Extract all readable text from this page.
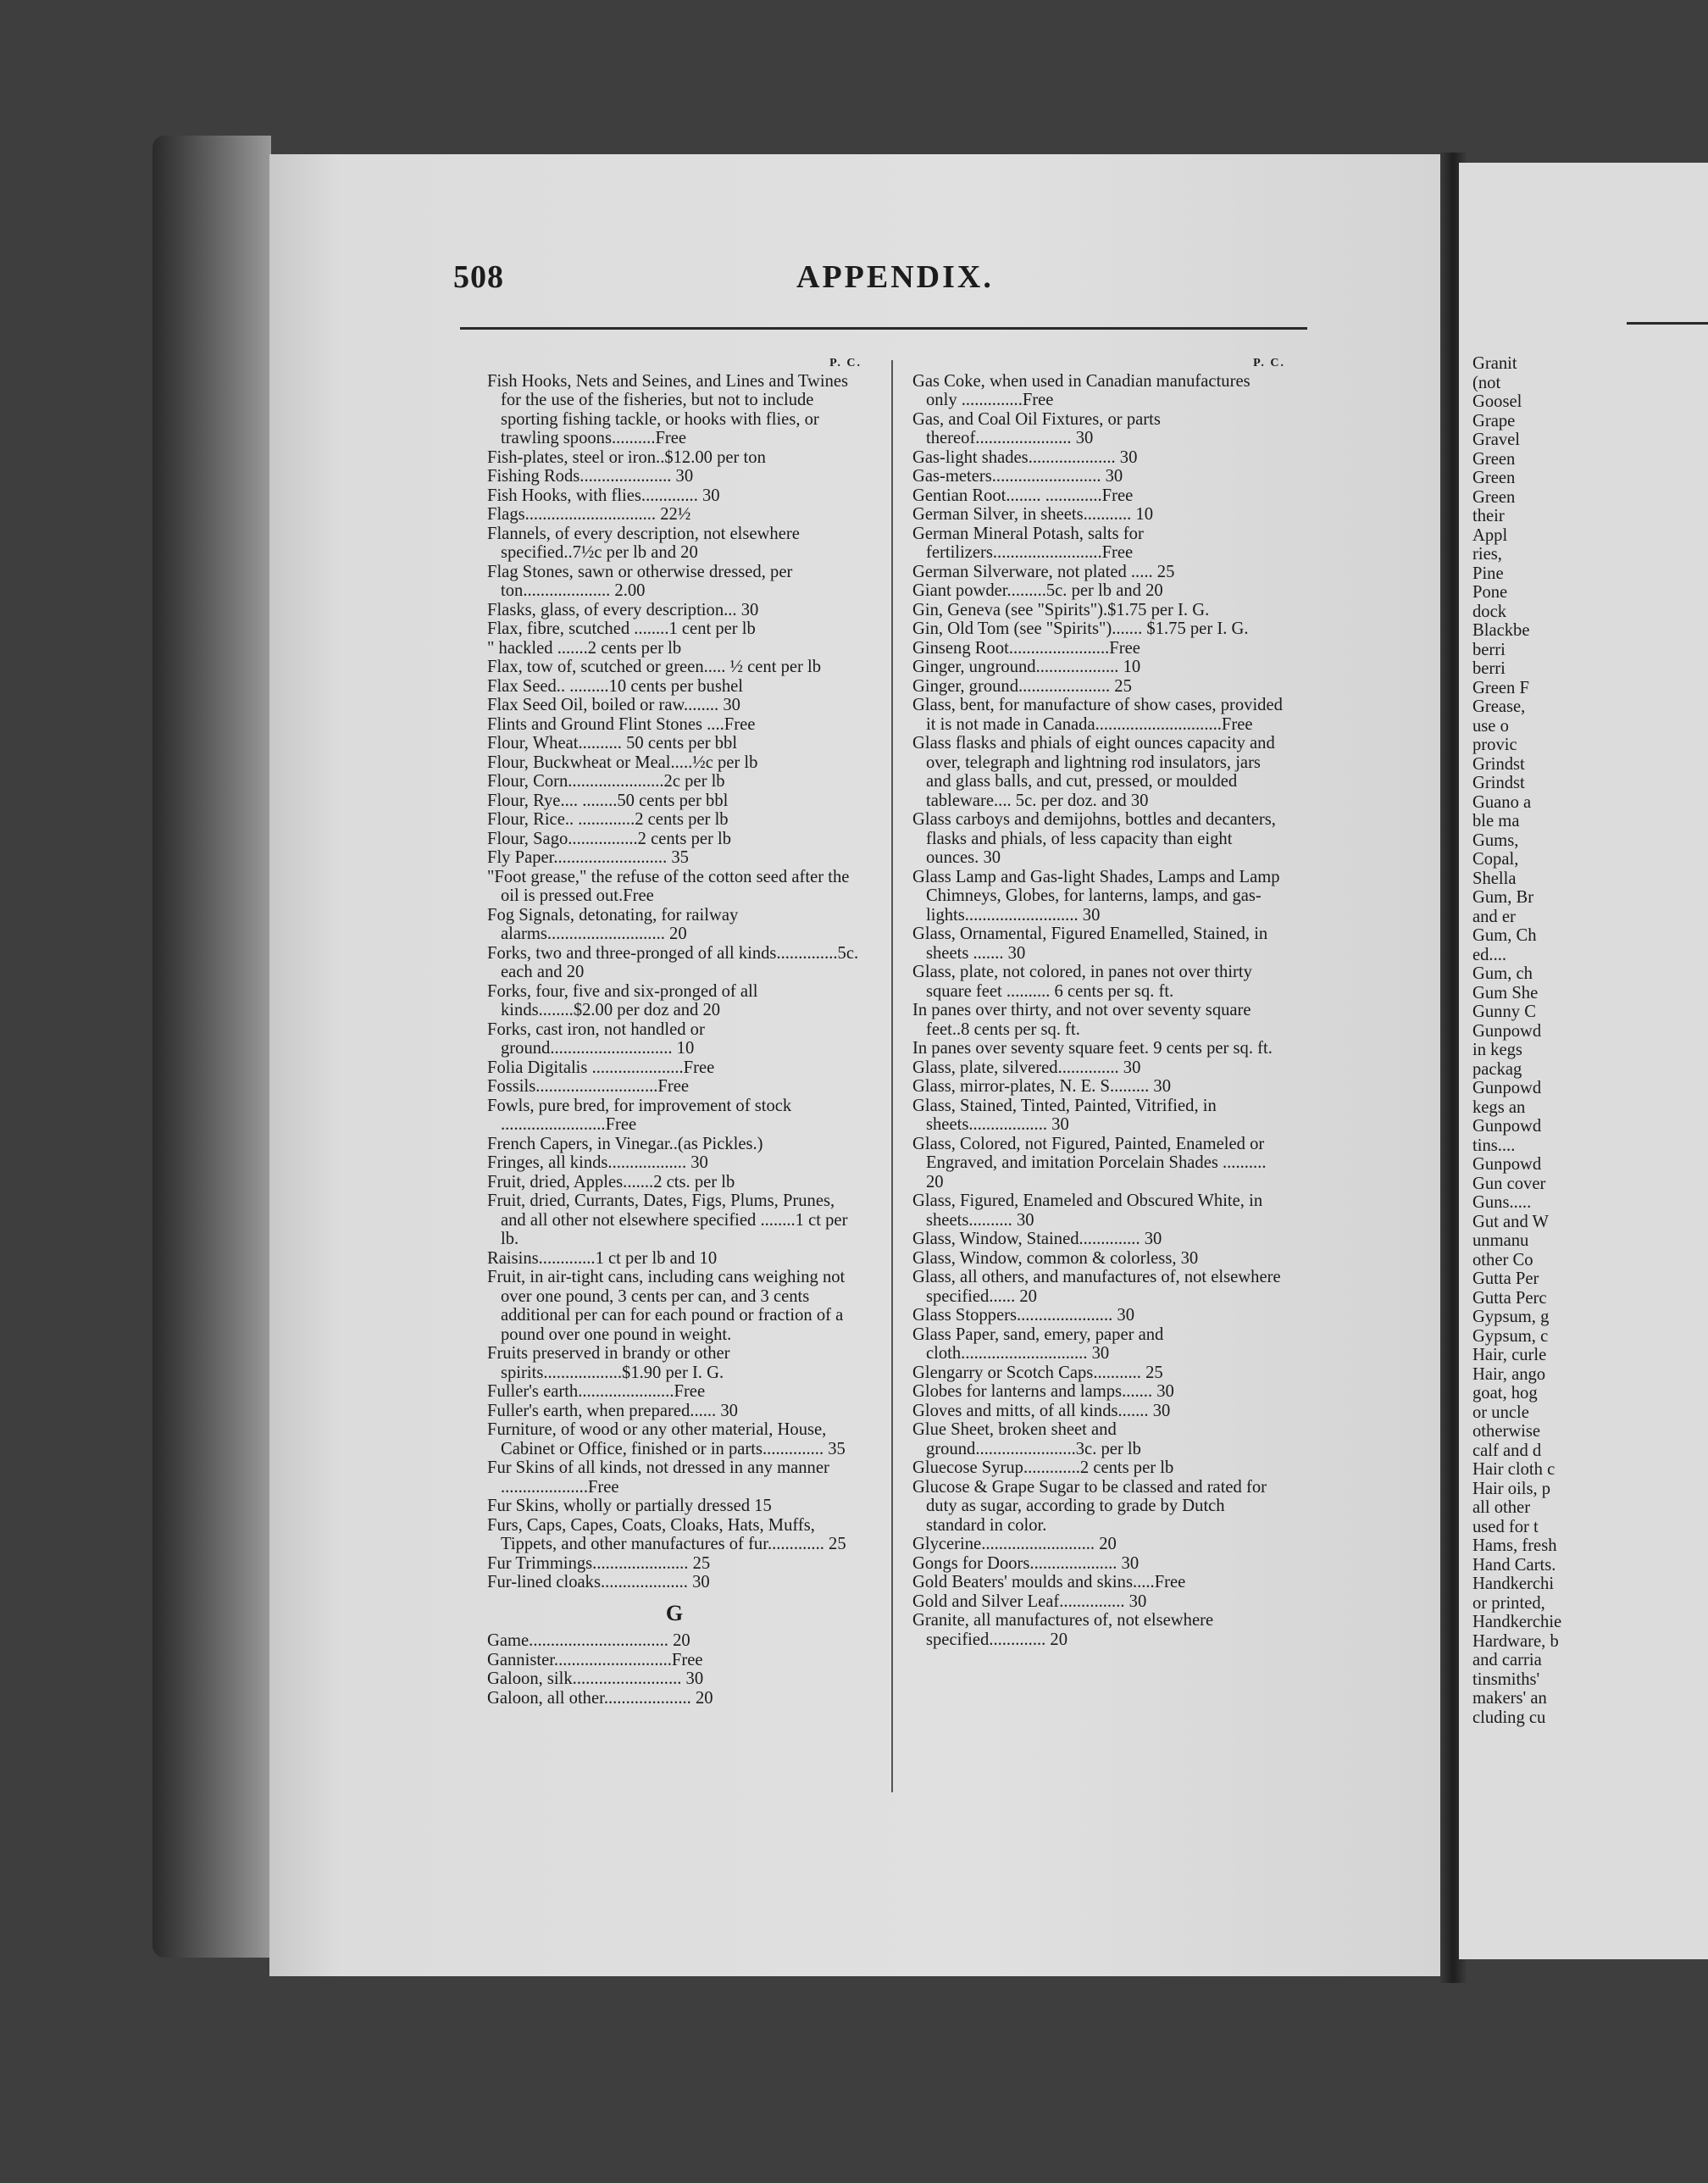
508	APPENDIX.
P. C.

Fish Hooks, Nets and Seines, and Lines and Twines for the use of the fisheries, but not to include sporting fishing tackle, or hooks with flies, or trawling spoons..........Free

Fish-plates, steel or iron..$12.00 per ton

Fishing Rods..................... 30

Fish Hooks, with flies............. 30

Flags.............................. 22½

Flannels, of every description, not elsewhere specified..7½c per lb and 20

Flag Stones, sawn or otherwise dressed, per ton.................... 2.00

Flasks, glass, of every description... 30

Flax, fibre, scutched ........1 cent per lb

" hackled .......2 cents per lb

Flax, tow of, scutched or green..... ½ cent per lb

Flax Seed.. .........10 cents per bushel

Flax Seed Oil, boiled or raw........ 30

Flints and Ground Flint Stones ....Free

Flour, Wheat.......... 50 cents per bbl

Flour, Buckwheat or Meal.....½c per lb

Flour, Corn......................2c per lb

Flour, Rye.... ........50 cents per bbl

Flour, Rice.. .............2 cents per lb

Flour, Sago................2 cents per lb

Fly Paper.......................... 35

"Foot grease," the refuse of the cotton seed after the oil is pressed out.Free

Fog Signals, detonating, for railway alarms........................... 20

Forks, two and three-pronged of all kinds..............5c. each and 20

Forks, four, five and six-pronged of all kinds........$2.00 per doz and 20

Forks, cast iron, not handled or ground............................ 10

Folia Digitalis .....................Free

Fossils............................Free

Fowls, pure bred, for improvement of stock ........................Free

French Capers, in Vinegar..(as Pickles.)

Fringes, all kinds.................. 30

Fruit, dried, Apples.......2 cts. per lb

Fruit, dried, Currants, Dates, Figs, Plums, Prunes, and all other not elsewhere specified ........1 ct per lb.

Raisins.............1 ct per lb and 10

Fruit, in air-tight cans, including cans weighing not over one pound, 3 cents per can, and 3 cents additional per can for each pound or fraction of a pound over one pound in weight.

Fruits preserved in brandy or other spirits..................$1.90 per I. G.

Fuller's earth......................Free

Fuller's earth, when prepared...... 30

Furniture, of wood or any other material, House, Cabinet or Office, finished or in parts.............. 35

Fur Skins of all kinds, not dressed in any manner ....................Free

Fur Skins, wholly or partially dressed 15

Furs, Caps, Capes, Coats, Cloaks, Hats, Muffs, Tippets, and other manufactures of fur............. 25

Fur Trimmings...................... 25

Fur-lined cloaks.................... 30

G

Game................................ 20

Gannister...........................Free

Galoon, silk......................... 30

Galoon, all other.................... 20

P. C.

Gas Coke, when used in Canadian manufactures only ..............Free

Gas, and Coal Oil Fixtures, or parts thereof...................... 30

Gas-light shades.................... 30

Gas-meters......................... 30

Gentian Root........ .............Free

German Silver, in sheets........... 10

German Mineral Potash, salts for fertilizers.........................Free

German Silverware, not plated ..... 25

Giant powder.........5c. per lb and 20

Gin, Geneva (see "Spirits").$1.75 per I. G.

Gin, Old Tom (see "Spirits")....... $1.75 per I. G.

Ginseng Root.......................Free

Ginger, unground................... 10

Ginger, ground..................... 25

Glass, bent, for manufacture of show cases, provided it is not made in Canada.............................Free

Glass flasks and phials of eight ounces capacity and over, telegraph and lightning rod insulators, jars and glass balls, and cut, pressed, or moulded tableware.... 5c. per doz. and 30

Glass carboys and demijohns, bottles and decanters, flasks and phials, of less capacity than eight ounces. 30

Glass Lamp and Gas-light Shades, Lamps and Lamp Chimneys, Globes, for lanterns, lamps, and gas-lights.......................... 30

Glass, Ornamental, Figured Enamelled, Stained, in sheets ....... 30

Glass, plate, not colored, in panes not over thirty square feet .......... 6 cents per sq. ft.

In panes over thirty, and not over seventy square feet..8 cents per sq. ft.

In panes over seventy square feet. 9 cents per sq. ft.

Glass, plate, silvered.............. 30

Glass, mirror-plates, N. E. S......... 30

Glass, Stained, Tinted, Painted, Vitrified, in sheets.................. 30

Glass, Colored, not Figured, Painted, Enameled or Engraved, and imitation Porcelain Shades .......... 20

Glass, Figured, Enameled and Obscured White, in sheets.......... 30

Glass, Window, Stained.............. 30

Glass, Window, common & colorless, 30

Glass, all others, and manufactures of, not elsewhere specified...... 20

Glass Stoppers...................... 30

Glass Paper, sand, emery, paper and cloth............................. 30

Glengarry or Scotch Caps........... 25

Globes for lanterns and lamps....... 30

Gloves and mitts, of all kinds....... 30

Glue Sheet, broken sheet and ground.......................3c. per lb

Gluecose Syrup.............2 cents per lb

Glucose & Grape Sugar to be classed and rated for duty as sugar, according to grade by Dutch standard in color.

Glycerine.......................... 20

Gongs for Doors.................... 30

Gold Beaters' moulds and skins.....Free

Gold and Silver Leaf............... 30

Granite, all manufactures of, not elsewhere specified............. 20

Granit

(not

Goosel

Grape

Gravel

Green

Green

Green

their

Appl

ries,

Pine

Pone

dock

Blackbe

berri

berri

Green F

Grease,

use o

provic

Grindst

Grindst

Guano a

ble ma

Gums,

Copal,

Shella

Gum, Br

and er

Gum, Ch

ed....

Gum, ch

Gum She

Gunny C

Gunpowd

in kegs

packag

Gunpowd

kegs an

Gunpowd

tins....

Gunpowd

Gun cover

Guns.....

Gut and W

unmanu

other Co

Gutta Per

Gutta Perc

Gypsum, g

Gypsum, c

Hair, curle

Hair, ango

goat, hog

or uncle

otherwise

calf and d

Hair cloth c

Hair oils, p

all other

used for t

Hams, fresh

Hand Carts.

Handkerchi

or printed,

Handkerchie

Hardware, b

and carria

tinsmiths'

makers' an

cluding cu
